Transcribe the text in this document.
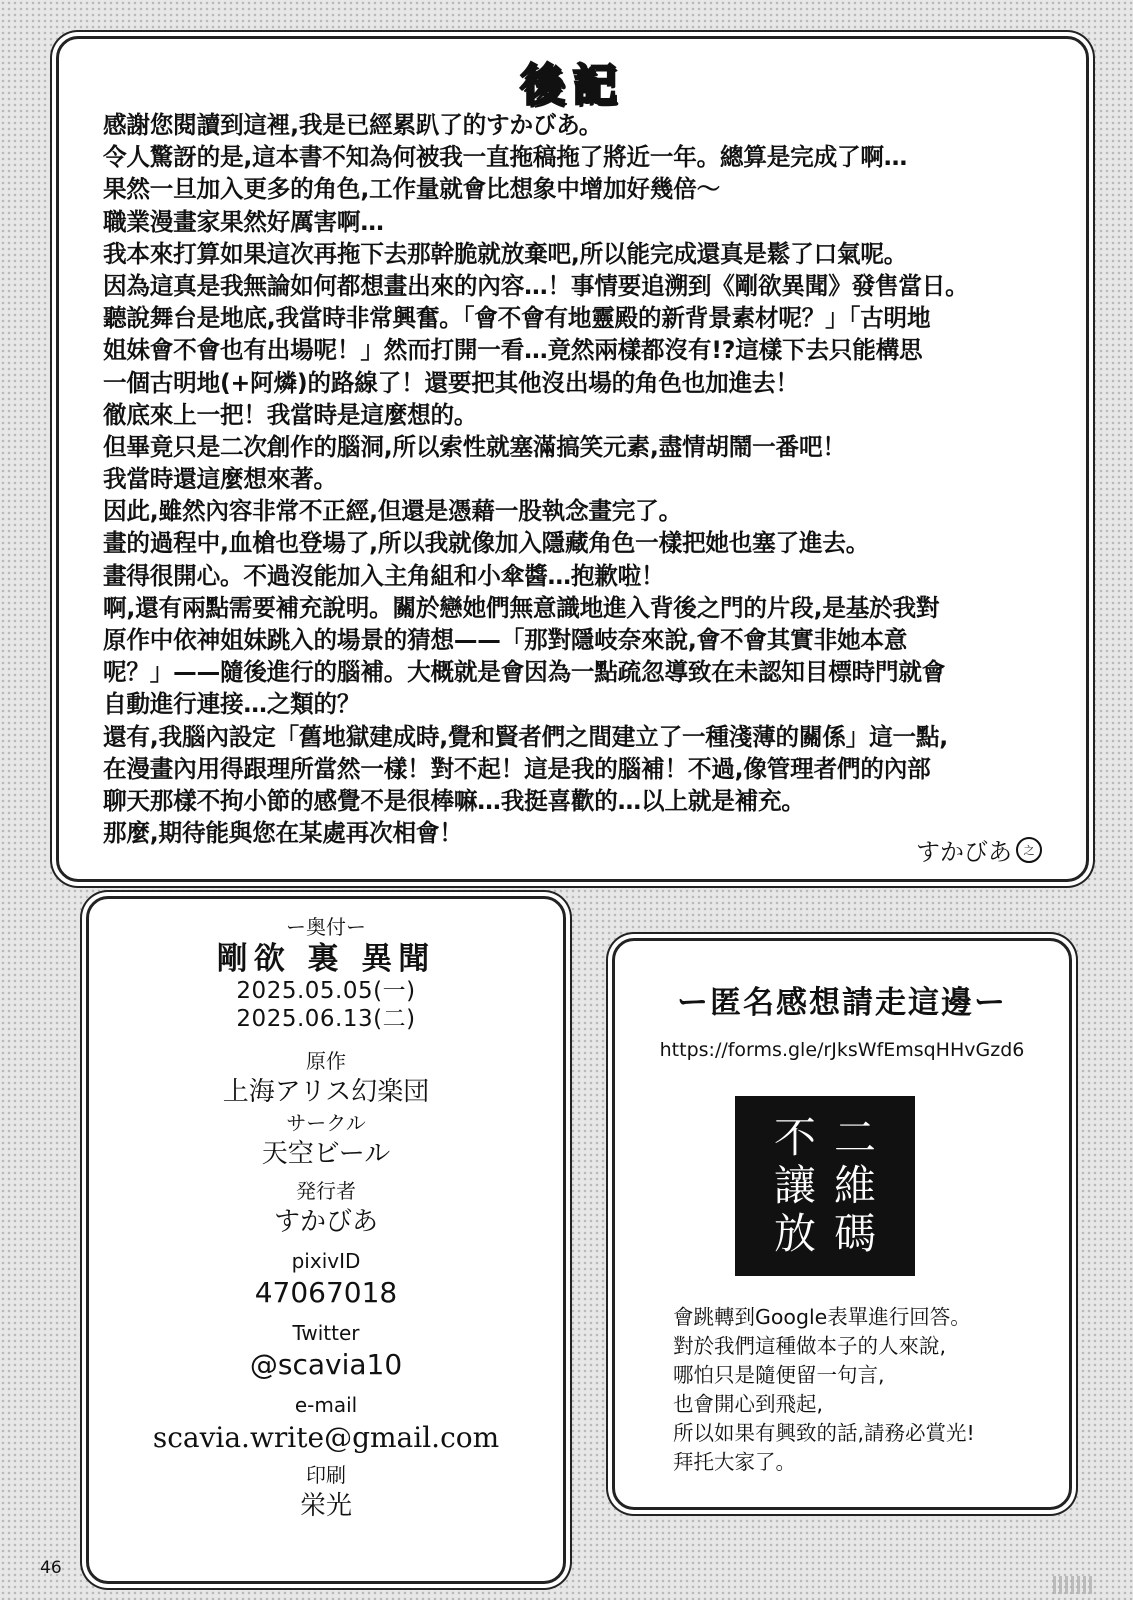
後記
感謝您閱讀到這裡,我是已經累趴了的すかびあ。
令人驚訝的是,這本書不知為何被我一直拖稿拖了將近一年。總算是完成了啊…
果然一旦加入更多的角色,工作量就會比想象中增加好幾倍～
職業漫畫家果然好厲害啊…
我本來打算如果這次再拖下去那幹脆就放棄吧,所以能完成還真是鬆了口氣呢。
因為這真是我無論如何都想畫出來的內容…！事情要追溯到《剛欲異聞》發售當日。
聽說舞台是地底,我當時非常興奮。「會不會有地靈殿的新背景素材呢？」「古明地
姐妹會不會也有出場呢！」然而打開一看…竟然兩樣都沒有!?這樣下去只能構思
一個古明地(+阿燐)的路線了！還要把其他沒出場的角色也加進去！
徹底來上一把！我當時是這麼想的。
但畢竟只是二次創作的腦洞,所以索性就塞滿搞笑元素,盡情胡鬧一番吧！
我當時還這麼想來著。
因此,雖然內容非常不正經,但還是憑藉一股執念畫完了。
畫的過程中,血槍也登場了,所以我就像加入隱藏角色一樣把她也塞了進去。
畫得很開心。不過沒能加入主角組和小傘醬…抱歉啦！
啊,還有兩點需要補充說明。關於戀她們無意識地進入背後之門的片段,是基於我對
原作中依神姐妹跳入的場景的猜想——「那對隱岐奈來說,會不會其實非她本意
呢？」——隨後進行的腦補。大概就是會因為一點疏忽導致在未認知目標時門就會
自動進行連接…之類的？
還有,我腦內設定「舊地獄建成時,覺和賢者們之間建立了一種淺薄的關係」這一點,
在漫畫內用得跟理所當然一樣！對不起！這是我的腦補！不過,像管理者們的內部
聊天那樣不拘小節的感覺不是很棒嘛…我挺喜歡的…以上就是補充。
那麼,期待能與您在某處再次相會！
すかびあ	之
ー奥付ー
剛欲 裏 異聞
2025.05.05(一)
2025.06.13(二)
原作
上海アリス幻楽団
サークル
天空ビール
発行者
すかびあ
pixivID
47067018
Twitter
@scavia10
e-mail
scavia.write@gmail.com
印刷
栄光
ー匿名感想請走這邊ー
https://forms.gle/rJksWfEmsqHHvGzd6
不
讓
放
二
維
碼
會跳轉到Google表單進行回答。
對於我們這種做本子的人來說,
哪怕只是隨便留一句言,
也會開心到飛起,
所以如果有興致的話,請務必賞光!
拜托大家了。
46
